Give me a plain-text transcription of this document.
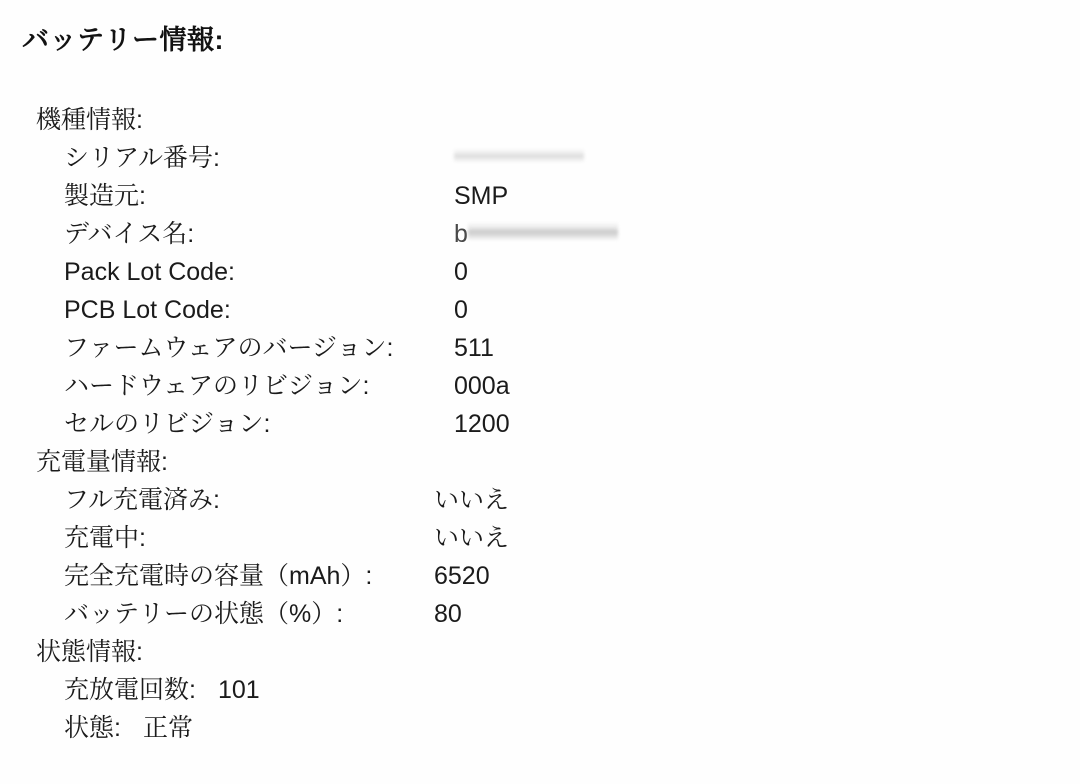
バッテリー情報:
機種情報:
シリアル番号:
製造元:	SMP
デバイス名:	b
Pack Lot Code:	0
PCB Lot Code:	0
ファームウェアのバージョン:	511
ハードウェアのリビジョン:	000a
セルのリビジョン:	1200
充電量情報:
フル充電済み:	いいえ
充電中:	いいえ
完全充電時の容量（mAh）:	6520
バッテリーの状態（%）:	80
状態情報:
充放電回数: 101
状態: 正常
